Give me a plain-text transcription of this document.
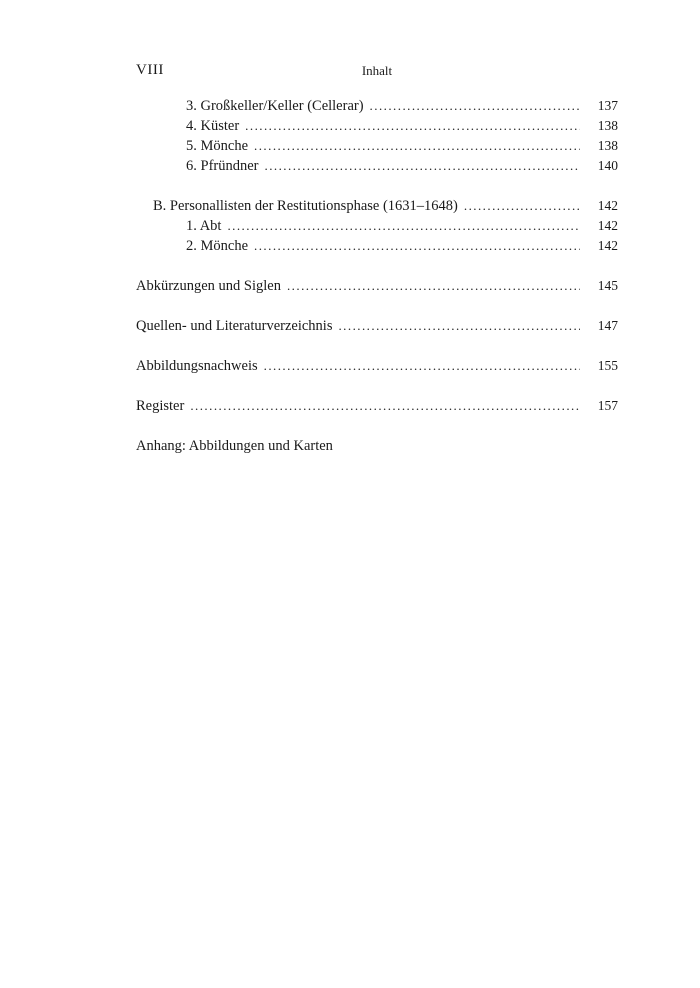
VIII	Inhalt
3. Großkeller/Keller (Cellerar) . . .	137
4. Küster . . .	138
5. Mönche . . .	138
6. Pfründner . . .	140
B. Personallisten der Restitutionsphase (1631–1648) . . .	142
1. Abt . . .	142
2. Mönche . . .	142
Abkürzungen und Siglen . . .	145
Quellen- und Literaturverzeichnis . . .	147
Abbildungsnachweis . . .	155
Register . . .	157
Anhang: Abbildungen und Karten
